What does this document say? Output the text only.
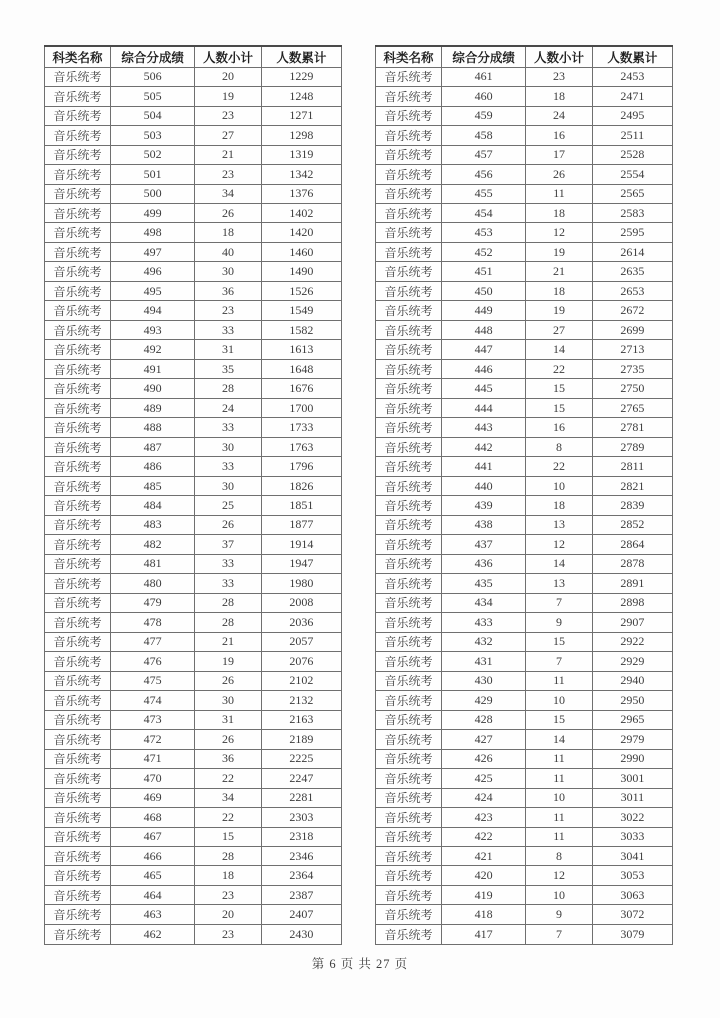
科类名称	综合分成绩	人数小计	人数累计
音乐统考	506	20	1229
音乐统考	505	19	1248
音乐统考	504	23	1271
音乐统考	503	27	1298
音乐统考	502	21	1319
音乐统考	501	23	1342
音乐统考	500	34	1376
音乐统考	499	26	1402
音乐统考	498	18	1420
音乐统考	497	40	1460
音乐统考	496	30	1490
音乐统考	495	36	1526
音乐统考	494	23	1549
音乐统考	493	33	1582
音乐统考	492	31	1613
音乐统考	491	35	1648
音乐统考	490	28	1676
音乐统考	489	24	1700
音乐统考	488	33	1733
音乐统考	487	30	1763
音乐统考	486	33	1796
音乐统考	485	30	1826
音乐统考	484	25	1851
音乐统考	483	26	1877
音乐统考	482	37	1914
音乐统考	481	33	1947
音乐统考	480	33	1980
音乐统考	479	28	2008
音乐统考	478	28	2036
音乐统考	477	21	2057
音乐统考	476	19	2076
音乐统考	475	26	2102
音乐统考	474	30	2132
音乐统考	473	31	2163
音乐统考	472	26	2189
音乐统考	471	36	2225
音乐统考	470	22	2247
音乐统考	469	34	2281
音乐统考	468	22	2303
音乐统考	467	15	2318
音乐统考	466	28	2346
音乐统考	465	18	2364
音乐统考	464	23	2387
音乐统考	463	20	2407
音乐统考	462	23	2430
科类名称	综合分成绩	人数小计	人数累计
音乐统考	461	23	2453
音乐统考	460	18	2471
音乐统考	459	24	2495
音乐统考	458	16	2511
音乐统考	457	17	2528
音乐统考	456	26	2554
音乐统考	455	11	2565
音乐统考	454	18	2583
音乐统考	453	12	2595
音乐统考	452	19	2614
音乐统考	451	21	2635
音乐统考	450	18	2653
音乐统考	449	19	2672
音乐统考	448	27	2699
音乐统考	447	14	2713
音乐统考	446	22	2735
音乐统考	445	15	2750
音乐统考	444	15	2765
音乐统考	443	16	2781
音乐统考	442	8	2789
音乐统考	441	22	2811
音乐统考	440	10	2821
音乐统考	439	18	2839
音乐统考	438	13	2852
音乐统考	437	12	2864
音乐统考	436	14	2878
音乐统考	435	13	2891
音乐统考	434	7	2898
音乐统考	433	9	2907
音乐统考	432	15	2922
音乐统考	431	7	2929
音乐统考	430	11	2940
音乐统考	429	10	2950
音乐统考	428	15	2965
音乐统考	427	14	2979
音乐统考	426	11	2990
音乐统考	425	11	3001
音乐统考	424	10	3011
音乐统考	423	11	3022
音乐统考	422	11	3033
音乐统考	421	8	3041
音乐统考	420	12	3053
音乐统考	419	10	3063
音乐统考	418	9	3072
音乐统考	417	7	3079
第 6 页 共 27 页
